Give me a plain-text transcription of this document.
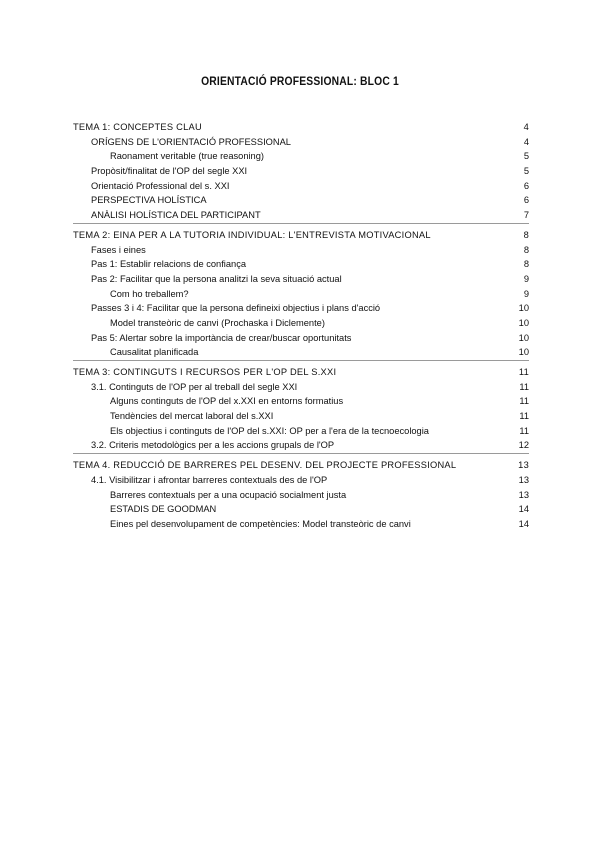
ORIENTACIÓ PROFESSIONAL: BLOC 1
TEMA 1: CONCEPTES CLAU	4
ORÍGENS DE L'ORIENTACIÓ PROFESSIONAL	4
Raonament veritable (true reasoning)	5
Propòsit/finalitat de l'OP del segle XXI	5
Orientació Professional del s. XXI	6
PERSPECTIVA HOLÍSTICA	6
ANÀLISI HOLÍSTICA DEL PARTICIPANT	7
TEMA 2: EINA PER A LA TUTORIA INDIVIDUAL: L'ENTREVISTA MOTIVACIONAL	8
Fases i eines	8
Pas 1: Establir relacions de confiança	8
Pas 2: Facilitar que la persona analitzi la seva situació actual	9
Com ho treballem?	9
Passes 3 i 4: Facilitar que la persona defineixi objectius i plans d'acció	10
Model transteòric de canvi (Prochaska i Diclemente)	10
Pas 5: Alertar sobre la importància de crear/buscar oportunitats	10
Causalitat planificada	10
TEMA 3: CONTINGUTS I RECURSOS PER L'OP DEL S.XXI	11
3.1. Continguts de l'OP per al treball del segle XXI	11
Alguns continguts de l'OP del x.XXI en entorns formatius	11
Tendències del mercat laboral del s.XXI	11
Els objectius i continguts de l'OP del s.XXI: OP per a l'era de la tecnoecologia	11
3.2. Criteris metodològics per a les accions grupals de l'OP	12
TEMA 4. REDUCCIÓ DE BARRERES PEL DESENV. DEL PROJECTE PROFESSIONAL	13
4.1. Visibilitzar i afrontar barreres contextuals des de l'OP	13
Barreres contextuals per a una ocupació socialment justa	13
ESTADIS DE GOODMAN	14
Eines pel desenvolupament de competències: Model transteòric de canvi	14
